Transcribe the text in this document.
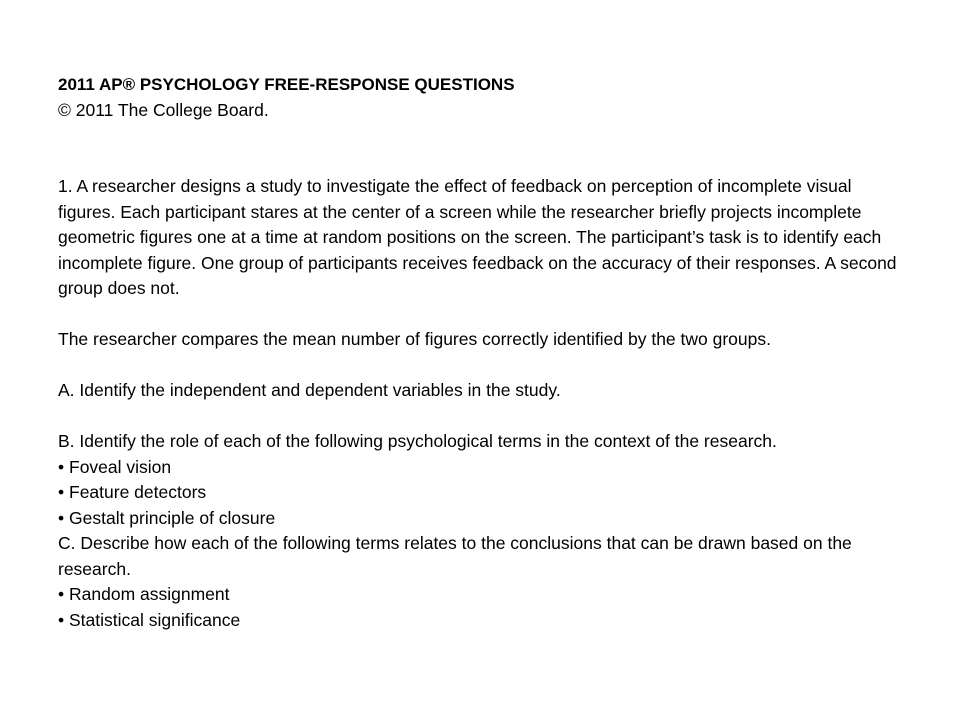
2011 AP® PSYCHOLOGY FREE-RESPONSE QUESTIONS
© 2011 The College Board.

1. A researcher designs a study to investigate the effect of feedback on perception of incomplete visual figures. Each participant stares at the center of a screen while the researcher briefly projects incomplete geometric figures one at a time at random positions on the screen. The participant’s task is to identify each incomplete figure. One group of participants receives feedback on the accuracy of their responses. A second group does not.

The researcher compares the mean number of figures correctly identified by the two groups.

A. Identify the independent and dependent variables in the study.

B. Identify the role of each of the following psychological terms in the context of the research.

• Foveal vision
• Feature detectors
• Gestalt principle of closure

C. Describe how each of the following terms relates to the conclusions that can be drawn based on the research.

• Random assignment
• Statistical significance
